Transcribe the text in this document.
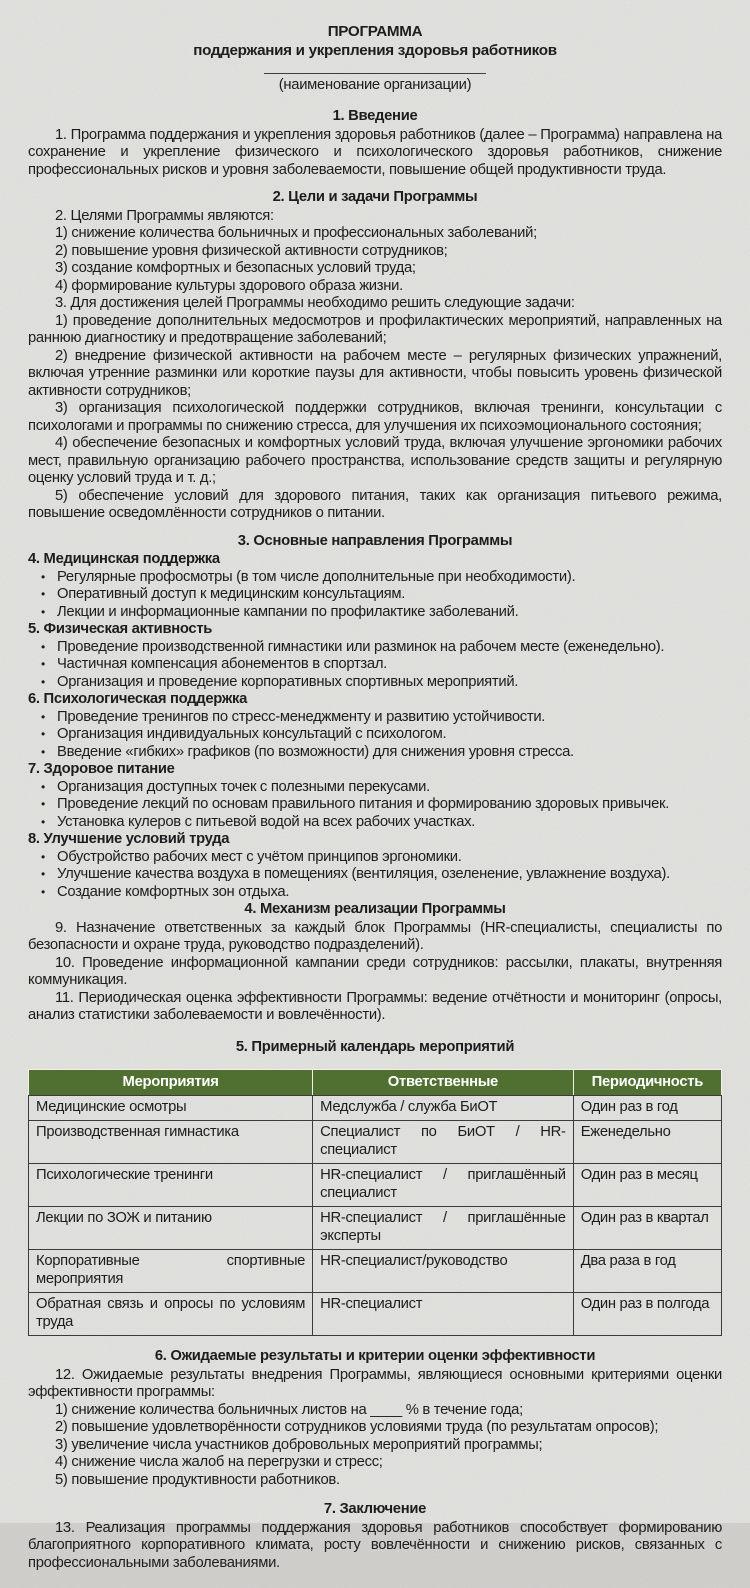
ПРОГРАММА
поддержания и укрепления здоровья работников
(наименование организации)
1. Введение

1. Программа поддержания и укрепления здоровья работников (далее – Программа) направлена на сохранение и укрепление физического и психологического здоровья работников, снижение профессиональных рисков и уровня заболеваемости, повышение общей продуктивности труда.

2. Цели и задачи Программы

2. Целями Программы являются:

1) снижение количества больничных и профессиональных заболеваний;

2) повышение уровня физической активности сотрудников;

3) создание комфортных и безопасных условий труда;

4) формирование культуры здорового образа жизни.

3. Для достижения целей Программы необходимо решить следующие задачи:

1) проведение дополнительных медосмотров и профилактических мероприятий, направленных на раннюю диагностику и предотвращение заболеваний;

2) внедрение физической активности на рабочем месте – регулярных физических упражнений, включая утренние разминки или короткие паузы для активности, чтобы повысить уровень физической активности сотрудников;

3) организация психологической поддержки сотрудников, включая тренинги, консультации с психологами и программы по снижению стресса, для улучшения их психоэмоционального состояния;

4) обеспечение безопасных и комфортных условий труда, включая улучшение эргономики рабочих мест, правильную организацию рабочего пространства, использование средств защиты и регулярную оценку условий труда и т. д.;

5) обеспечение условий для здорового питания, таких как организация питьевого режима, повышение осведомлённости сотрудников о питании.

3. Основные направления Программы
4. Медицинская поддержка
• Регулярные профосмотры (в том числе дополнительные при необходимости).
• Оперативный доступ к медицинским консультациям.
• Лекции и информационные кампании по профилактике заболеваний.
5. Физическая активность
• Проведение производственной гимнастики или разминок на рабочем месте (еженедельно).
• Частичная компенсация абонементов в спортзал.
• Организация и проведение корпоративных спортивных мероприятий.
6. Психологическая поддержка
• Проведение тренингов по стресс-менеджменту и развитию устойчивости.
• Организация индивидуальных консультаций с психологом.
• Введение «гибких» графиков (по возможности) для снижения уровня стресса.
7. Здоровое питание
• Организация доступных точек с полезными перекусами.
• Проведение лекций по основам правильного питания и формированию здоровых привычек.
• Установка кулеров с питьевой водой на всех рабочих участках.
8. Улучшение условий труда
• Обустройство рабочих мест с учётом принципов эргономики.
• Улучшение качества воздуха в помещениях (вентиляция, озеленение, увлажнение воздуха).
• Создание комфортных зон отдыха.
4. Механизм реализации Программы

9. Назначение ответственных за каждый блок Программы (HR-специалисты, специалисты по безопасности и охране труда, руководство подразделений).

10. Проведение информационной кампании среди сотрудников: рассылки, плакаты, внутренняя коммуникация.

11. Периодическая оценка эффективности Программы: ведение отчётности и мониторинг (опросы, анализ статистики заболеваемости и вовлечённости).

5. Примерный календарь мероприятий
Мероприятия	Ответственные	Периодичность
Медицинские осмотры	Медслужба / служба БиОТ	Один раз в год
Производственная гимнастика	Специалист по БиОТ / HR-специалист	Еженедельно
Психологические тренинги	HR-специалист / приглашённый специалист	Один раз в месяц
Лекции по ЗОЖ и питанию	HR-специалист / приглашённые эксперты	Один раз в квартал
Корпоративные спортивные мероприятия	HR-специалист/руководство	Два раза в год
Обратная связь и опросы по условиям труда	HR-специалист	Один раз в полгода
6. Ожидаемые результаты и критерии оценки эффективности

12. Ожидаемые результаты внедрения Программы, являющиеся основными критериями оценки эффективности программы:

1) снижение количества больничных листов на ____ % в течение года;

2) повышение удовлетворённости сотрудников условиями труда (по результатам опросов);

3) увеличение числа участников добровольных мероприятий программы;

4) снижение числа жалоб на перегрузки и стресс;

5) повышение продуктивности работников.

7. Заключение

13. Реализация программы поддержания здоровья работников способствует формированию благоприятного корпоративного климата, росту вовлечённости и снижению рисков, связанных с профессиональными заболеваниями.
